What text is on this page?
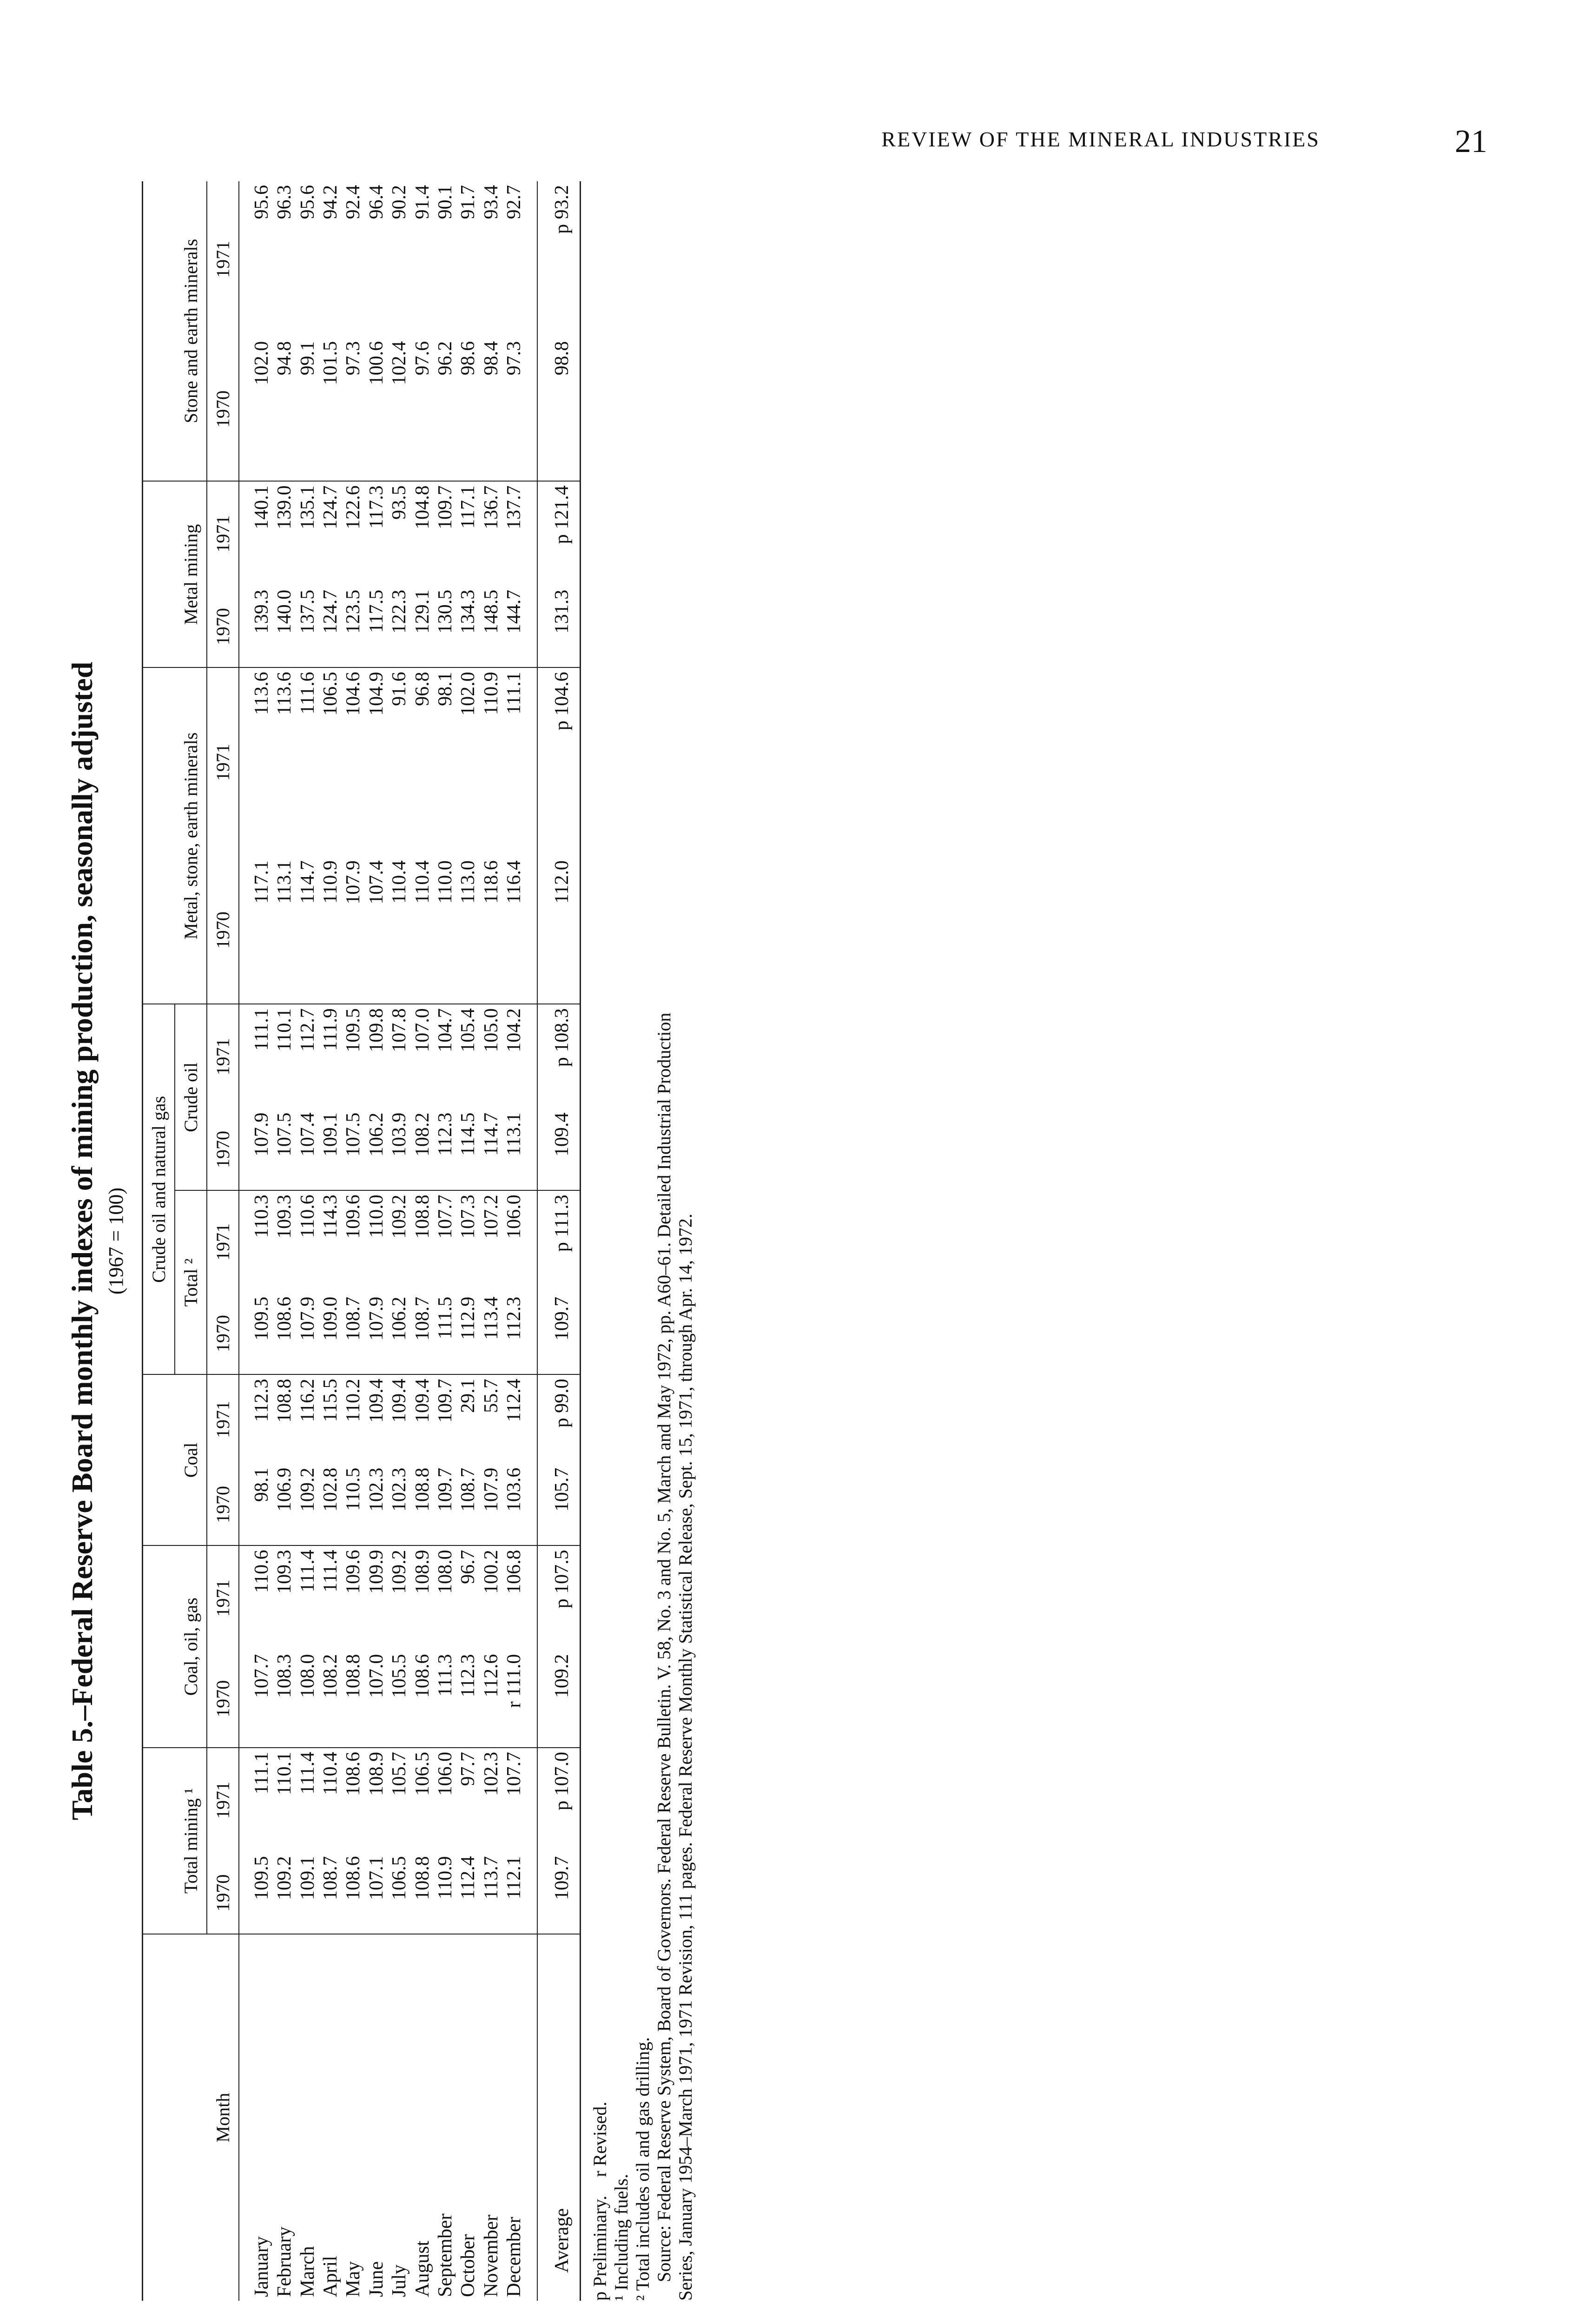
REVIEW OF THE MINERAL INDUSTRIES	21
Table 5.–Federal Reserve Board monthly indexes of mining production, seasonally adjusted (1967 = 100)
Month	Total mining ¹		Coal, oil, gas		Coal		Crude oil and natural gas				Metal, stone, earth minerals		Metal mining		Stone and earth minerals	
							Total ²		Crude oil							
	1970	1971	1970	1971	1970	1971	1970	1971	1970	1971	1970	1971	1970	1971	1970	1971
January	109.5	111.1	107.7	110.6	98.1	112.3	109.5	110.3	107.9	111.1	117.1	113.6	139.3	140.1	102.0	95.6
February	109.2	110.1	108.3	109.3	106.9	108.8	108.6	109.3	107.5	110.1	113.1	113.6	140.0	139.0	94.8	96.3
March	109.1	111.4	108.0	111.4	109.2	116.2	107.9	110.6	107.4	112.7	114.7	111.6	137.5	135.1	99.1	95.6
April	108.7	110.4	108.2	111.4	102.8	115.5	109.0	114.3	109.1	111.9	110.9	106.5	124.7	124.7	101.5	94.2
May	108.6	108.6	108.8	109.6	110.5	110.2	108.7	109.6	107.5	109.5	107.9	104.6	123.5	122.6	97.3	92.4
June	107.1	108.9	107.0	109.9	102.3	109.4	107.9	110.0	106.2	109.8	107.4	104.9	117.5	117.3	100.6	96.4
July	106.5	105.7	105.5	109.2	102.3	109.4	106.2	109.2	103.9	107.8	110.4	91.6	122.3	93.5	102.4	90.2
August	108.8	106.5	108.6	108.9	108.8	109.4	108.7	108.8	108.2	107.0	110.4	96.8	129.1	104.8	97.6	91.4
September	110.9	106.0	111.3	108.0	109.7	109.7	111.5	107.7	112.3	104.7	110.0	98.1	130.5	109.7	96.2	90.1
October	112.4	97.7	112.3	96.7	108.7	29.1	112.9	107.3	114.5	105.4	113.0	102.0	134.3	117.1	98.6	91.7
November	113.7	102.3	112.6	100.2	107.9	55.7	113.4	107.2	114.7	105.0	118.6	110.9	148.5	136.7	98.4	93.4
December	112.1	107.7	r 111.0	106.8	103.6	112.4	112.3	106.0	113.1	104.2	116.4	111.1	144.7	137.7	97.3	92.7
Average	109.7	p 107.0	109.2	p 107.5	105.7	p 99.0	109.7	p 111.3	109.4	p 108.3	112.0	p 104.6	131.3	p 121.4	98.8	p 93.2
p Preliminary.    r Revised.
¹ Including fuels. ² Total includes oil and gas drilling. Source: Federal Reserve System, Board of Governors. Federal Reserve Bulletin. V. 58, No. 3 and No. 5, March and May 1972, pp. A60–61. Detailed Industrial Production Series, January 1954–March 1971, 1971 Revision, 111 pages. Federal Reserve Monthly Statistical Release, Sept. 15, 1971, through Apr. 14, 1972.
